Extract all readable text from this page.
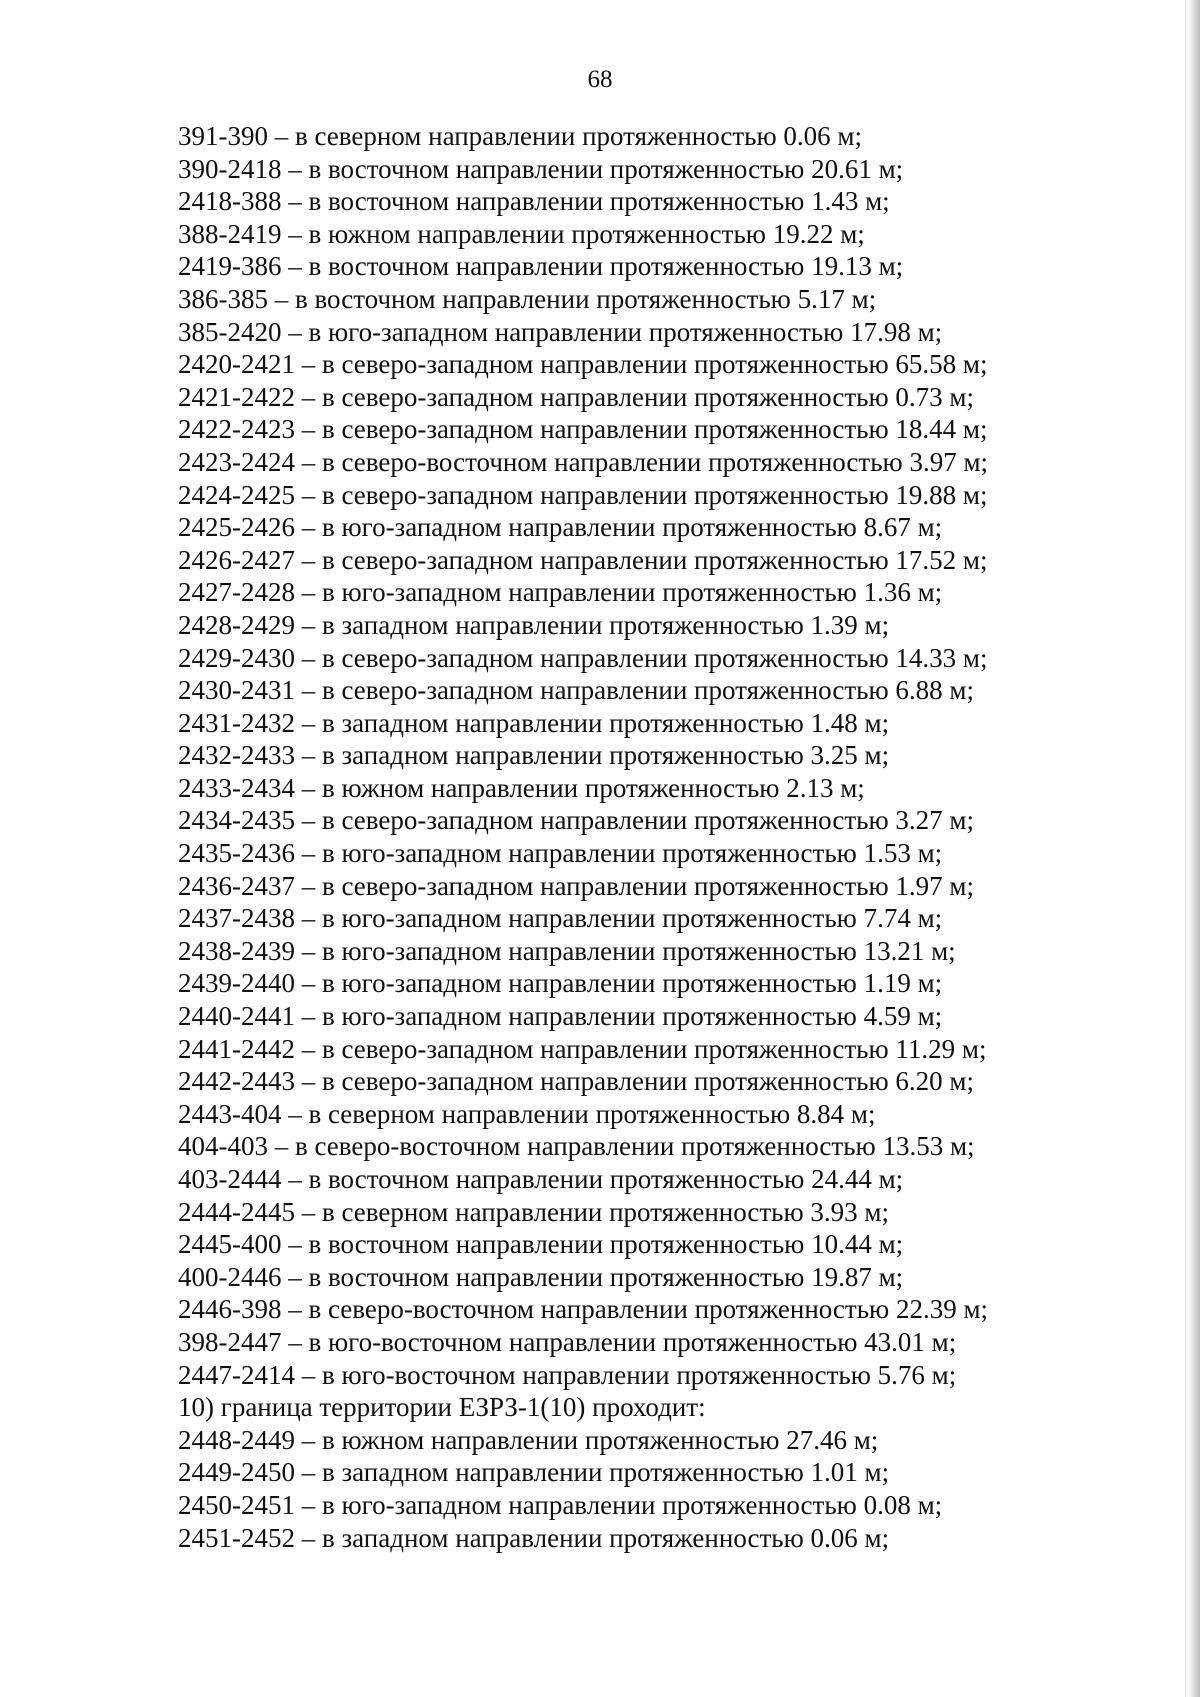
68
391-390 – в северном направлении протяженностью 0.06 м;
390-2418 – в восточном направлении протяженностью 20.61 м;
2418-388 – в восточном направлении протяженностью 1.43 м;
388-2419 – в южном направлении протяженностью 19.22 м;
2419-386 – в восточном направлении протяженностью 19.13 м;
386-385 – в восточном направлении протяженностью 5.17 м;
385-2420 – в юго-западном направлении протяженностью 17.98 м;
2420-2421 – в северо-западном направлении протяженностью 65.58 м;
2421-2422 – в северо-западном направлении протяженностью 0.73 м;
2422-2423 – в северо-западном направлении протяженностью 18.44 м;
2423-2424 – в северо-восточном направлении протяженностью 3.97 м;
2424-2425 – в северо-западном направлении протяженностью 19.88 м;
2425-2426 – в юго-западном направлении протяженностью 8.67 м;
2426-2427 – в северо-западном направлении протяженностью 17.52 м;
2427-2428 – в юго-западном направлении протяженностью 1.36 м;
2428-2429 – в западном направлении протяженностью 1.39 м;
2429-2430 – в северо-западном направлении протяженностью 14.33 м;
2430-2431 – в северо-западном направлении протяженностью 6.88 м;
2431-2432 – в западном направлении протяженностью 1.48 м;
2432-2433 – в западном направлении протяженностью 3.25 м;
2433-2434 – в южном направлении протяженностью 2.13 м;
2434-2435 – в северо-западном направлении протяженностью 3.27 м;
2435-2436 – в юго-западном направлении протяженностью 1.53 м;
2436-2437 – в северо-западном направлении протяженностью 1.97 м;
2437-2438 – в юго-западном направлении протяженностью 7.74 м;
2438-2439 – в юго-западном направлении протяженностью 13.21 м;
2439-2440 – в юго-западном направлении протяженностью 1.19 м;
2440-2441 – в юго-западном направлении протяженностью 4.59 м;
2441-2442 – в северо-западном направлении протяженностью 11.29 м;
2442-2443 – в северо-западном направлении протяженностью 6.20 м;
2443-404 – в северном направлении протяженностью 8.84 м;
404-403 – в северо-восточном направлении протяженностью 13.53 м;
403-2444 – в восточном направлении протяженностью 24.44 м;
2444-2445 – в северном направлении протяженностью 3.93 м;
2445-400 – в восточном направлении протяженностью 10.44 м;
400-2446 – в восточном направлении протяженностью 19.87 м;
2446-398 – в северо-восточном направлении протяженностью 22.39 м;
398-2447 – в юго-восточном направлении протяженностью 43.01 м;
2447-2414 – в юго-восточном направлении протяженностью 5.76 м;
10) граница территории ЕЗРЗ-1(10) проходит:
2448-2449 – в южном направлении протяженностью 27.46 м;
2449-2450 – в западном направлении протяженностью 1.01 м;
2450-2451 – в юго-западном направлении протяженностью 0.08 м;
2451-2452 – в западном направлении протяженностью 0.06 м;
